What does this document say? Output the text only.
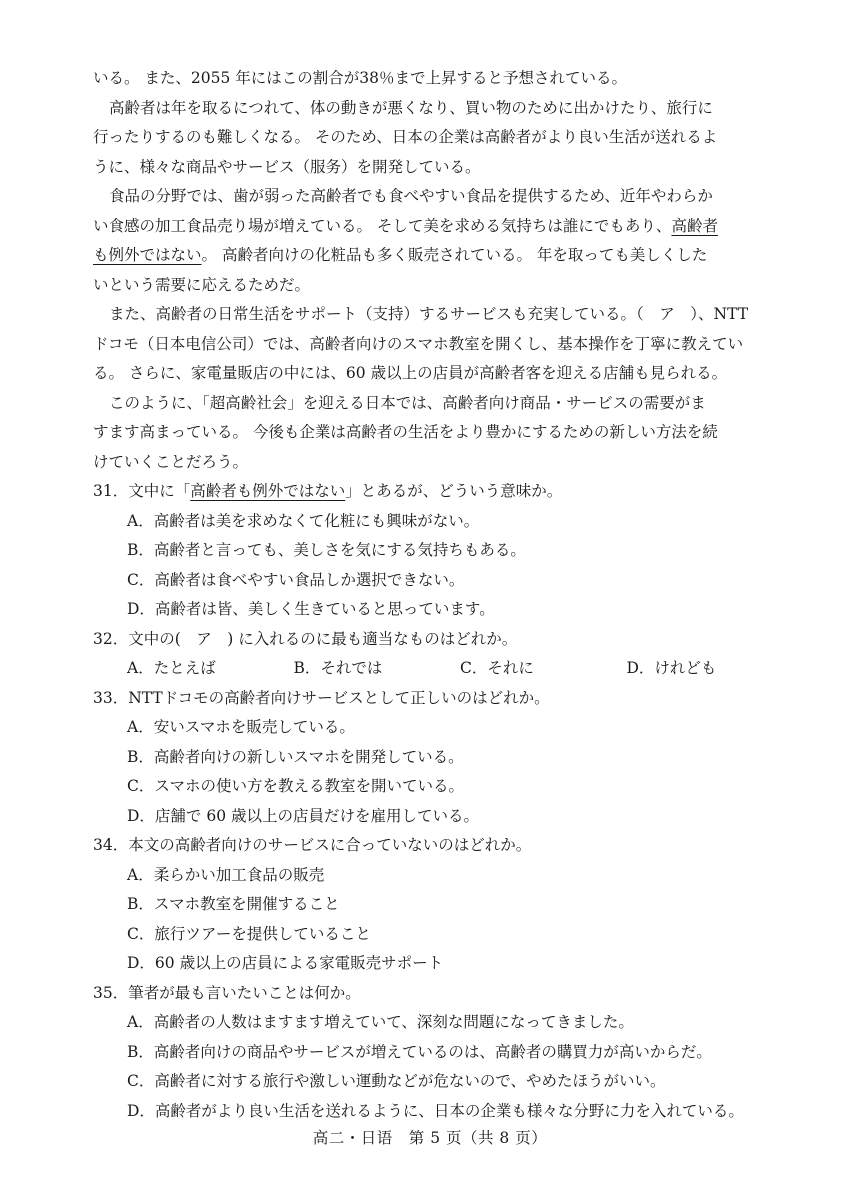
いる。 また、2055 年にはこの割合が38％まで上昇すると予想されている。
高齢者は年を取るにつれて、体の動きが悪くなり、買い物のために出かけたり、旅行に
行ったりするのも難しくなる。 そのため、日本の企業は高齢者がより良い生活が送れるよ
うに、様々な商品やサービス（服务）を開発している。
食品の分野では、歯が弱った高齢者でも食べやすい食品を提供するため、近年やわらか
い食感の加工食品売り場が増えている。 そして美を求める気持ちは誰にでもあり、高齢者
も例外ではない。 高齢者向けの化粧品も多く販売されている。 年を取っても美しくした
いという需要に応えるためだ。
また、高齢者の日常生活をサポート（支持）するサービスも充実している。（　ア　）、NTT
ドコモ（日本电信公司）では、高齢者向けのスマホ教室を開くし、基本操作を丁寧に教えてい
る。 さらに、家電量販店の中には、60 歳以上の店員が高齢者客を迎える店舗も見られる。
このように、「超高齢社会」を迎える日本では、高齢者向け商品・サービスの需要がま
すます高まっている。 今後も企業は高齢者の生活をより豊かにするための新しい方法を続
けていくことだろう。
31．文中に「高齢者も例外ではない」とあるが、どういう意味か。
A．高齢者は美を求めなくて化粧にも興味がない。
B．高齢者と言っても、美しさを気にする気持ちもある。
C．高齢者は食べやすい食品しか選択できない。
D．高齢者は皆、美しく生きていると思っています。
32．文中の(　ア　) に入れるのに最も適当なものはどれか。
A．たとえば	B．それでは	C．それに	D．けれども
33．NTTドコモの高齢者向けサービスとして正しいのはどれか。
A．安いスマホを販売している。
B．高齢者向けの新しいスマホを開発している。
C．スマホの使い方を教える教室を開いている。
D．店舗で 60 歳以上の店員だけを雇用している。
34．本文の高齢者向けのサービスに合っていないのはどれか。
A．柔らかい加工食品の販売
B．スマホ教室を開催すること
C．旅行ツアーを提供していること
D．60 歳以上の店員による家電販売サポート
35．筆者が最も言いたいことは何か。
A．高齢者の人数はますます増えていて、深刻な問題になってきました。
B．高齢者向けの商品やサービスが増えているのは、高齢者の購買力が高いからだ。
C．高齢者に対する旅行や激しい運動などが危ないので、やめたほうがいい。
D．高齢者がより良い生活を送れるように、日本の企業も様々な分野に力を入れている。
高二・日语　第 5 页（共 8 页）
